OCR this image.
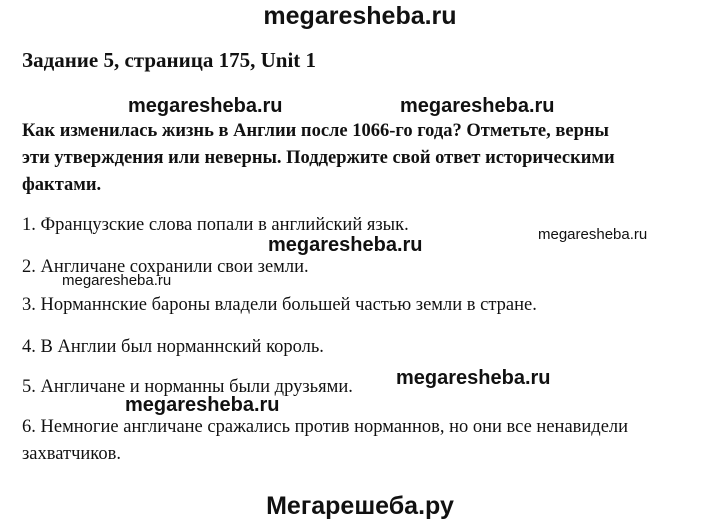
megaresheba.ru
Задание 5, страница 175, Unit 1
megaresheba.ru	megaresheba.ru
Как изменилась жизнь в Англии после 1066-го года? Отметьте, верны
эти утверждения или неверны. Поддержите свой ответ историческими
фактами.
1. Французские слова попали в английский язык.	megaresheba.ru
megaresheba.ru
2. Англичане сохранили свои земли.
megaresheba.ru
3. Норманнские бароны владели большей частью земли в стране.
4. В Англии был норманнский король.
5. Англичане и норманны были друзьями. megaresheba.ru
megaresheba.ru
6. Немногие англичане сражались против норманнов, но они все ненавидели
захватчиков.
Мегарешеба.ру
